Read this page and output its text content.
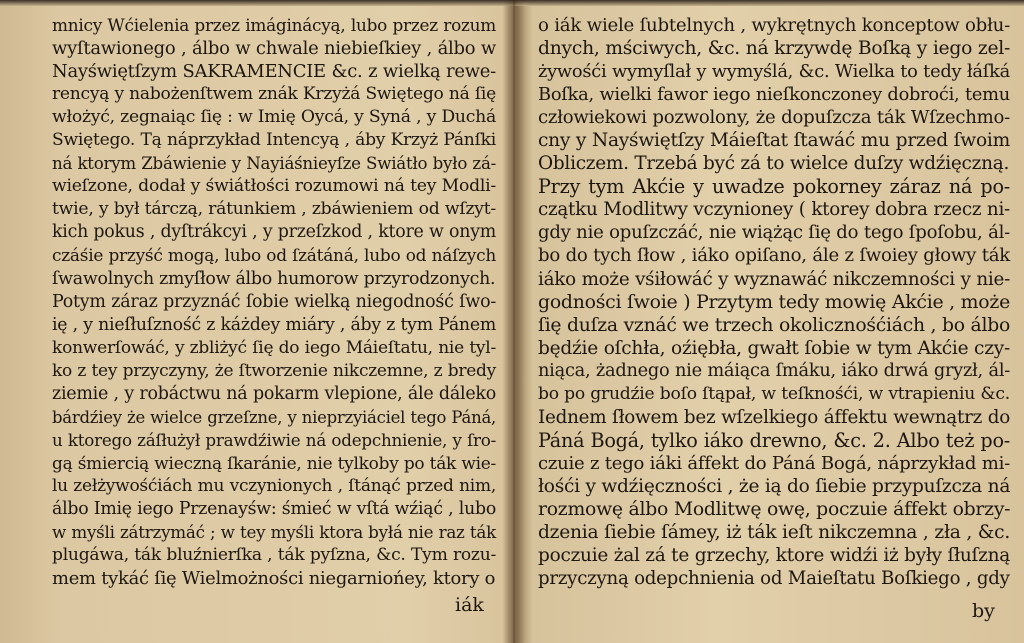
mnicy Wćielenia przez imáginácyą, lubo przez rozum
wyſtawionego , álbo w chwale niebieſkiey , álbo w
Nayświętſzym SAKRAMENCIE &c. z wielką rewe-
rencyą y nabożenſtwem znák Krzyżá Swiętego ná ſię
włożyć, zegnaiąc ſię : w Imię Oycá, y Syná , y Duchá
Swiętego. Tą náprzykład Intencyą , áby Krzyż Pánſki
ná ktorym Zbáwienie y Nayiáśnieyſze Swiátło było zá-
wieſzone, dodał y świátłości rozumowi ná tey Modli-
twie, y był tárczą, rátunkiem , zbáwieniem od wſzyt-
kich pokus , dyſtrákcyi , y przeſzkod , ktore w onym
czáśie przyść mogą, lubo od ſzátáná, lubo od náſzych
ſwawolnych zmyſłow álbo humorow przyrodzonych.
Potym záraz przyznáć ſobie wielką niegodność ſwo-
ię , y nieſłuſzność z káżdey miáry , áby z tym Pánem
konwerſowáć, y zbliżyć ſię do iego Máieſtatu, nie tyl-
ko z tey przyczyny, że ſtworzenie nikczemne, z bredy
ziemie , y robáctwu ná pokarm vlepione, ále dáleko
bárdźiey że wielce grzeſzne, y nieprzyiáciel tego Páná,
u ktorego záſłużył prawdźiwie ná odepchnienie, y ſro-
gą śmiercią wieczną ſkaránie, nie tylkoby po ták wie-
lu zełżywośćiách mu vczynionych , ſtánąć przed nim,
álbo Imię iego Przenayśw: śmieć w vſtá wźiąć , lubo
w myśli zátrzymáć ; w tey myśli ktora byłá nie raz ták
plugáwa, ták bluźnierſka , ták pyſzna, &c. Tym rozu-
mem tykáć ſię Wielmożności niegarniońey, ktory o
iák
o iák wiele ſubtelnych , wykrętnych konceptow obłu-
dnych, mściwych, &c. ná krzywdę Boſką y iego zel-
żywośći wymyſlał y wymyślá, &c. Wielka to tedy łáſká
Boſka, wielki fawor iego nieſkonczoney dobroći, temu
człowiekowi pozwolony, że dopuſzcza ták Wſzechmo-
cny y Nayświętſzy Máieſtat ſtawáć mu przed ſwoim
Obliczem. Trzebá być zá to wielce duſzy wdźięczną.
Przy tym Akćie y uwadze pokorney záraz ná po-
czątku Modlitwy vczynioney ( ktorey dobra rzecz ni-
gdy nie opuſzczáć, nie wiążąc ſię do tego ſpoſobu, ál-
bo do tych ſłow , iáko opiſano, ále z ſwoiey głowy ták
iáko może vśiłowáć y wyznawáć nikczemności y nie-
godności ſwoie ) Przytym tedy mowię Akćie , może
ſię duſza vznáć we trzech okolicznośćiách , bo álbo
będźie oſchła, oźiębła, gwałt ſobie w tym Akćie czy-
niąca, żadnego nie máiąca ſmáku, iáko drwá gryzł, ál-
bo po grudźie boſo ſtąpał, w teſknośći, w vtrapieniu &c.
Iednem ſłowem bez wſzelkiego áffektu wewnątrz do
Páná Bogá, tylko iáko drewno, &c. 2. Albo też po-
czuie z tego iáki áffekt do Páná Bogá, náprzykład mi-
łośći y wdźięczności , że ią do ſiebie przypuſzcza ná
rozmowę álbo Modlitwę owę, poczuie áffekt obrzy-
dzenia ſiebie ſámey, iż ták ieſt nikczemna , zła , &c.
poczuie żal zá te grzechy, ktore widźi iż były ſłuſzną
przyczyną odepchnienia od Maieſtatu Boſkiego , gdy
by
